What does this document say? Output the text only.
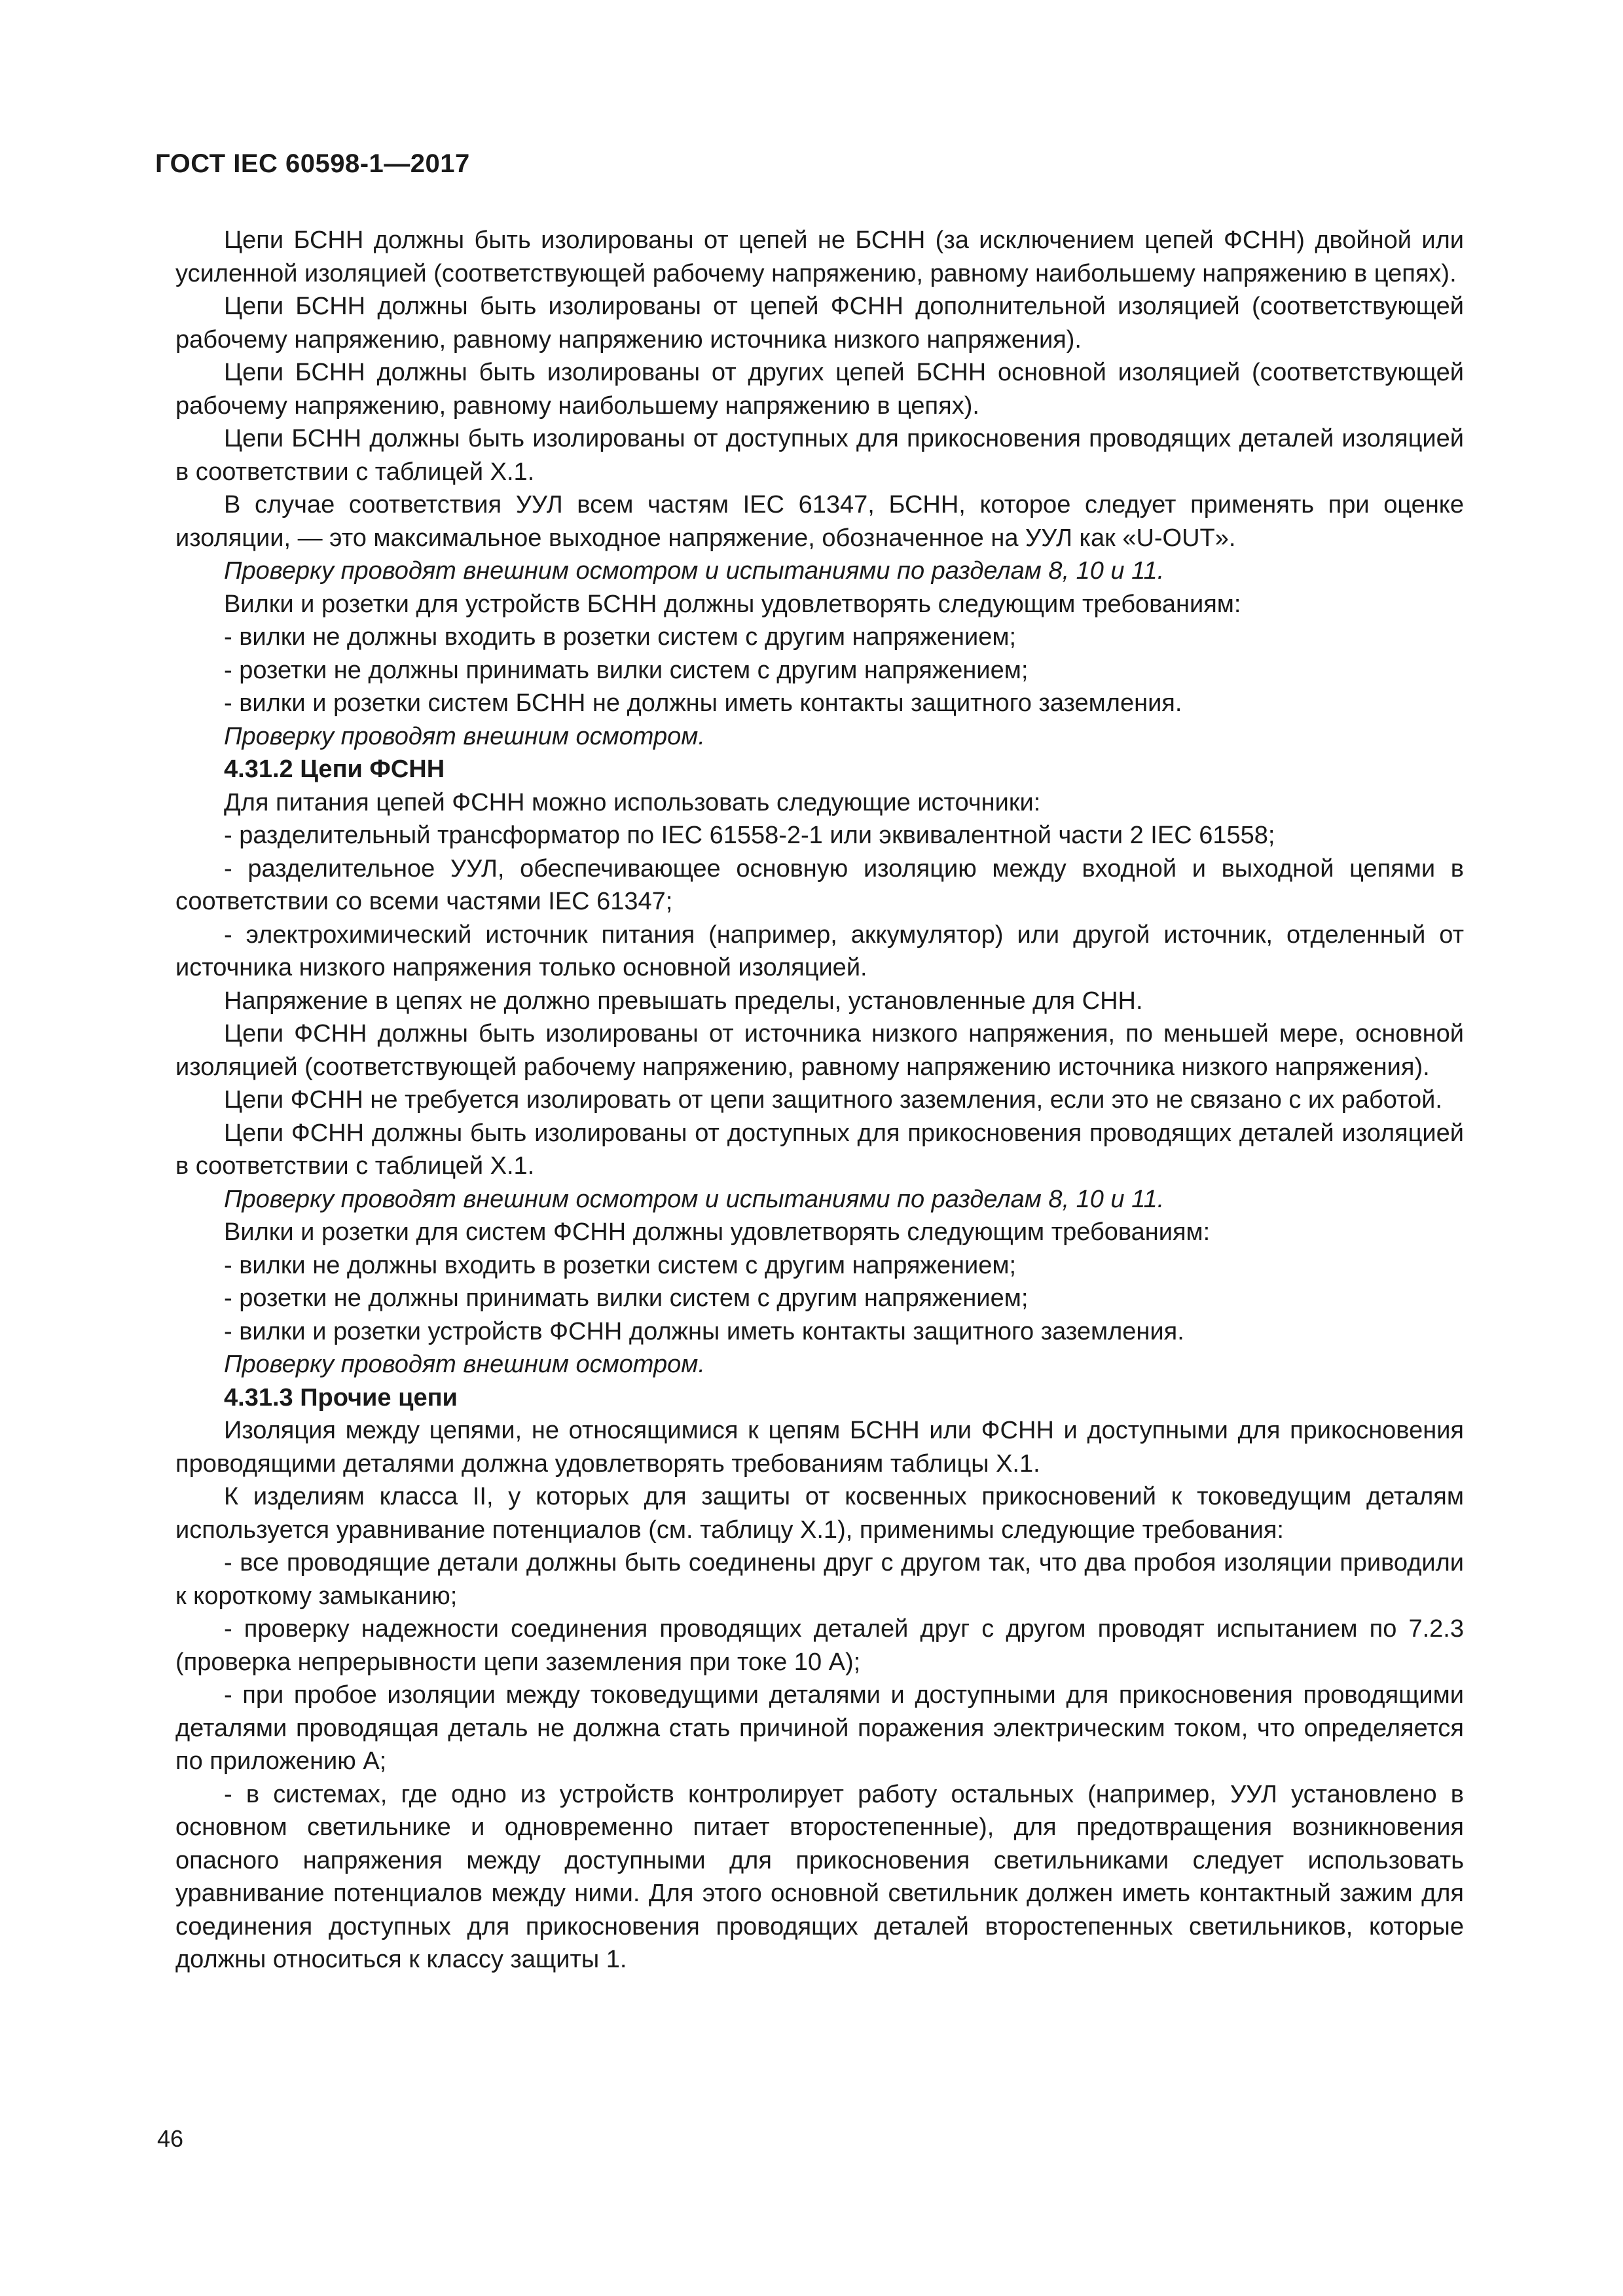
ГОСТ IEC 60598-1—2017

Цепи БСНН должны быть изолированы от цепей не БСНН (за исключением цепей ФСНН) двойной или усиленной изоляцией (соответствующей рабочему напряжению, равному наибольшему напряжению в цепях).

Цепи БСНН должны быть изолированы от цепей ФСНН дополнительной изоляцией (соответствующей рабочему напряжению, равному напряжению источника низкого напряжения).

Цепи БСНН должны быть изолированы от других цепей БСНН основной изоляцией (соответствующей рабочему напряжению, равному наибольшему напряжению в цепях).

Цепи БСНН должны быть изолированы от доступных для прикосновения проводящих деталей изоляцией в соответствии с таблицей X.1.

В случае соответствия УУЛ всем частям IEC 61347, БСНН, которое следует применять при оценке изоляции, — это максимальное выходное напряжение, обозначенное на УУЛ как «U-OUT».

Проверку проводят внешним осмотром и испытаниями по разделам 8, 10 и 11.

Вилки и розетки для устройств БСНН должны удовлетворять следующим требованиям:

- вилки не должны входить в розетки систем с другим напряжением;

- розетки не должны принимать вилки систем с другим напряжением;

- вилки и розетки систем БСНН не должны иметь контакты защитного заземления.

Проверку проводят внешним осмотром.

4.31.2 Цепи ФСНН

Для питания цепей ФСНН можно использовать следующие источники:

- разделительный трансформатор по IEC 61558-2-1 или эквивалентной части 2 IEC 61558;

- разделительное УУЛ, обеспечивающее основную изоляцию между входной и выходной цепями в соответствии со всеми частями IEC 61347;

- электрохимический источник питания (например, аккумулятор) или другой источник, отделенный от источника низкого напряжения только основной изоляцией.

Напряжение в цепях не должно превышать пределы, установленные для СНН.

Цепи ФСНН должны быть изолированы от источника низкого напряжения, по меньшей мере, основной изоляцией (соответствующей рабочему напряжению, равному напряжению источника низкого напряжения).

Цепи ФСНН не требуется изолировать от цепи защитного заземления, если это не связано с их работой.

Цепи ФСНН должны быть изолированы от доступных для прикосновения проводящих деталей изоляцией в соответствии с таблицей X.1.

Проверку проводят внешним осмотром и испытаниями по разделам 8, 10 и 11.

Вилки и розетки для систем ФСНН должны удовлетворять следующим требованиям:

- вилки не должны входить в розетки систем с другим напряжением;

- розетки не должны принимать вилки систем с другим напряжением;

- вилки и розетки устройств ФСНН должны иметь контакты защитного заземления.

Проверку проводят внешним осмотром.

4.31.3 Прочие цепи

Изоляция между цепями, не относящимися к цепям БСНН или ФСНН и доступными для прикосновения проводящими деталями должна удовлетворять требованиям таблицы X.1.

К изделиям класса II, у которых для защиты от косвенных прикосновений к токоведущим деталям используется уравнивание потенциалов (см. таблицу X.1), применимы следующие требования:

- все проводящие детали должны быть соединены друг с другом так, что два пробоя изоляции приводили к короткому замыканию;

- проверку надежности соединения проводящих деталей друг с другом проводят испытанием по 7.2.3 (проверка непрерывности цепи заземления при токе 10 А);

- при пробое изоляции между токоведущими деталями и доступными для прикосновения проводящими деталями проводящая деталь не должна стать причиной поражения электрическим током, что определяется по приложению А;

- в системах, где одно из устройств контролирует работу остальных (например, УУЛ установлено в основном светильнике и одновременно питает второстепенные), для предотвращения возникновения опасного напряжения между доступными для прикосновения светильниками следует использовать уравнивание потенциалов между ними. Для этого основной светильник должен иметь контактный зажим для соединения доступных для прикосновения проводящих деталей второстепенных светильников, которые должны относиться к классу защиты 1.

46
